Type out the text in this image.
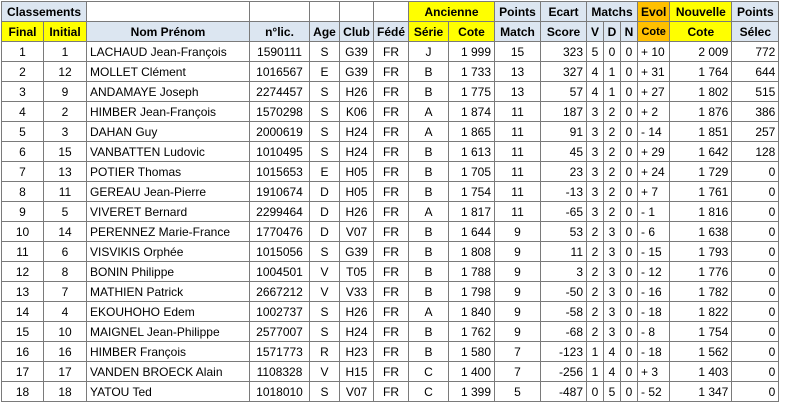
Classements							Ancienne		Points	Ecart	Matchs			Evol	Nouvelle	Points
Final	Initial	Nom Prénom	n°lic.	Age	Club	Fédé	Série	Cote	Match	Score	V	D	N	Cote	Cote	Sélec
1	1	LACHAUD Jean-François	1590111	S	G39	FR	J	1 999	15	323	5	0	0	+ 10	2 009	772
2	12	MOLLET Clément	1016567	E	G39	FR	B	1 733	13	327	4	1	0	+ 31	1 764	644
3	9	ANDAMAYE Joseph	2274457	S	H26	FR	B	1 775	13	57	4	1	0	+ 27	1 802	515
4	2	HIMBER Jean-François	1570298	S	K06	FR	A	1 874	11	187	3	2	0	+ 2	1 876	386
5	3	DAHAN Guy	2000619	S	H24	FR	A	1 865	11	91	3	2	0	- 14	1 851	257
6	15	VANBATTEN Ludovic	1010495	S	H24	FR	B	1 613	11	45	3	2	0	+ 29	1 642	128
7	13	POTIER Thomas	1015653	E	H05	FR	B	1 705	11	23	3	2	0	+ 24	1 729	0
8	11	GEREAU Jean-Pierre	1910674	D	H05	FR	B	1 754	11	-13	3	2	0	+ 7	1 761	0
9	5	VIVERET Bernard	2299464	D	H26	FR	A	1 817	11	-65	3	2	0	- 1	1 816	0
10	14	PERENNEZ Marie-France	1770476	D	V07	FR	B	1 644	9	53	2	3	0	- 6	1 638	0
11	6	VISVIKIS Orphée	1015056	S	G39	FR	B	1 808	9	11	2	3	0	- 15	1 793	0
12	8	BONIN Philippe	1004501	V	T05	FR	B	1 788	9	3	2	3	0	- 12	1 776	0
13	7	MATHIEN Patrick	2667212	V	V33	FR	B	1 798	9	-50	2	3	0	- 16	1 782	0
14	4	EKOUHOHO Edem	1002737	S	H26	FR	A	1 840	9	-58	2	3	0	- 18	1 822	0
15	10	MAIGNEL Jean-Philippe	2577007	S	H24	FR	B	1 762	9	-68	2	3	0	- 8	1 754	0
16	16	HIMBER François	1571773	R	H23	FR	B	1 580	7	-123	1	4	0	- 18	1 562	0
17	17	VANDEN BROECK Alain	1108328	V	H15	FR	C	1 400	7	-256	1	4	0	+ 3	1 403	0
18	18	YATOU Ted	1018010	S	V07	FR	C	1 399	5	-487	0	5	0	- 52	1 347	0
